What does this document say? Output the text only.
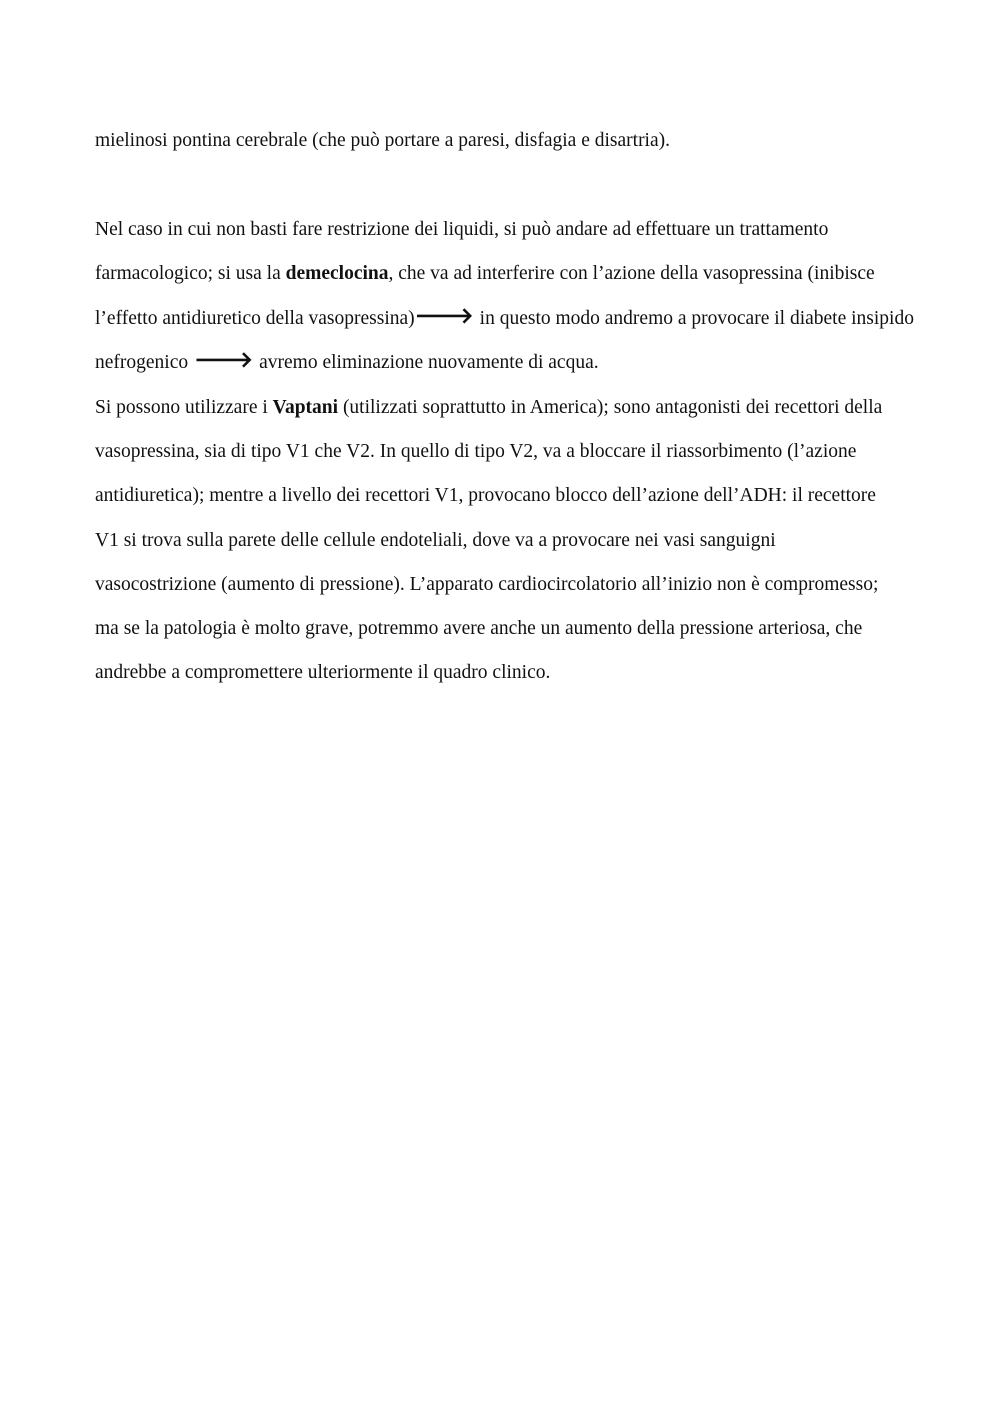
mielinosi pontina cerebrale (che può portare a paresi, disfagia e disartria).
Nel caso in cui non basti fare restrizione dei liquidi, si può andare ad effettuare un trattamento
farmacologico; si usa la demeclocina, che va ad interferire con l’azione della vasopressina (inibisce
l’effetto antidiuretico della vasopressina)🡒 in questo modo andremo a provocare il diabete insipido
nefrogenico 🡒 avremo eliminazione nuovamente di acqua.
Si possono utilizzare i Vaptani (utilizzati soprattutto in America); sono antagonisti dei recettori della
vasopressina, sia di tipo V1 che V2. In quello di tipo V2, va a bloccare il riassorbimento (l’azione
antidiuretica); mentre a livello dei recettori V1, provocano blocco dell’azione dell’ADH: il recettore
V1 si trova sulla parete delle cellule endoteliali, dove va a provocare nei vasi sanguigni
vasocostrizione (aumento di pressione). L’apparato cardiocircolatorio all’inizio non è compromesso;
ma se la patologia è molto grave, potremmo avere anche un aumento della pressione arteriosa, che
andrebbe a compromettere ulteriormente il quadro clinico.
